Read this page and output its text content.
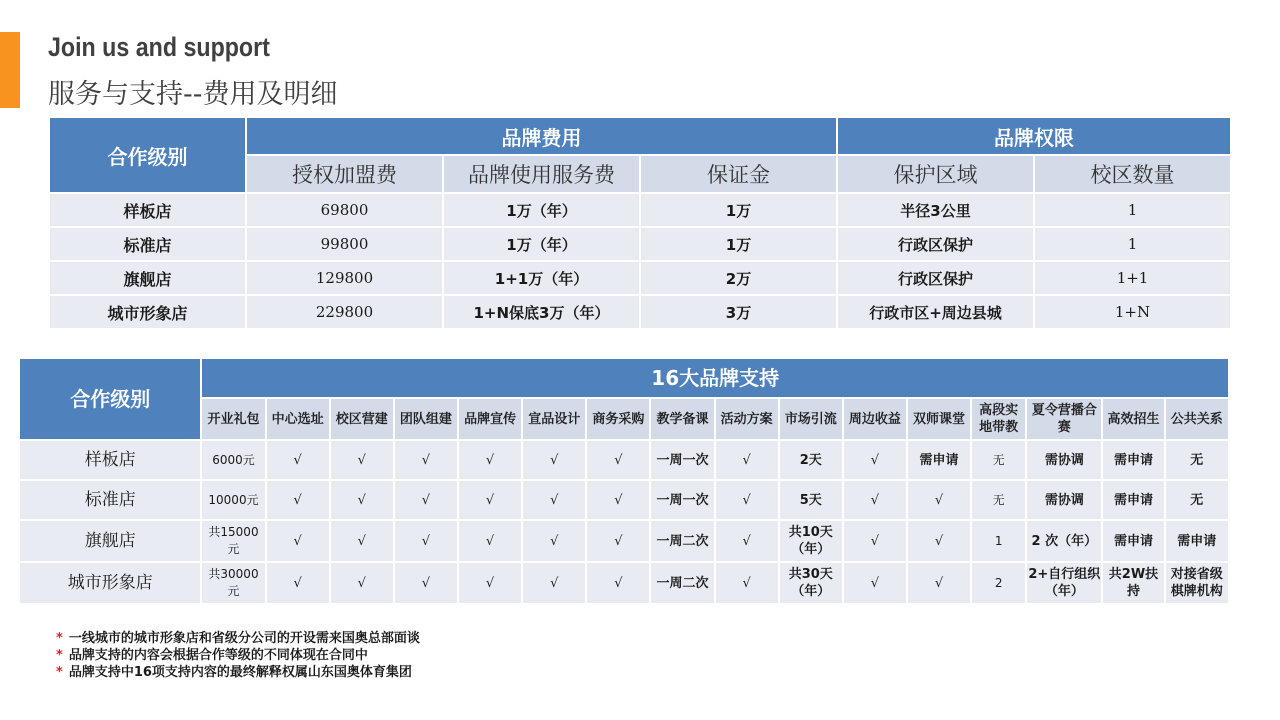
Join us and support
服务与支持--费用及明细
合作级别	品牌费用			品牌权限	
	授权加盟费	品牌使用服务费	保证金	保护区域	校区数量
样板店	69800	1万（年）	1万	半径3公里	1
标准店	99800	1万（年）	1万	行政区保护	1
旗舰店	129800	1+1万（年）	2万	行政区保护	1+1
城市形象店	229800	1+N保底3万（年）	3万	行政市区+周边县城	1+N
合作级别	16大品牌支持															
	开业礼包	中心选址	校区营建	团队组建	品牌宣传	宣品设计	商务采购	教学备课	活动方案	市场引流	周边收益	双师课堂	高段实地带教	夏令营播合赛	高效招生	公共关系
样板店	6000元	√	√	√	√	√	√	一周一次	√	2天	√	需申请	无	需协调	需申请	无
标准店	10000元	√	√	√	√	√	√	一周一次	√	5天	√	√	无	需协调	需申请	无
旗舰店	共15000元	√	√	√	√	√	√	一周二次	√	共10天（年）	√	√	1	2 次（年）	需申请	需申请
城市形象店	共30000元	√	√	√	√	√	√	一周二次	√	共30天（年）	√	√	2	2+自行组织（年）	共2W扶持	对接省级棋牌机构
* 一线城市的城市形象店和省级分公司的开设需来国奥总部面谈
* 品牌支持的内容会根据合作等级的不同体现在合同中
* 品牌支持中16项支持内容的最终解释权属山东国奥体育集团
